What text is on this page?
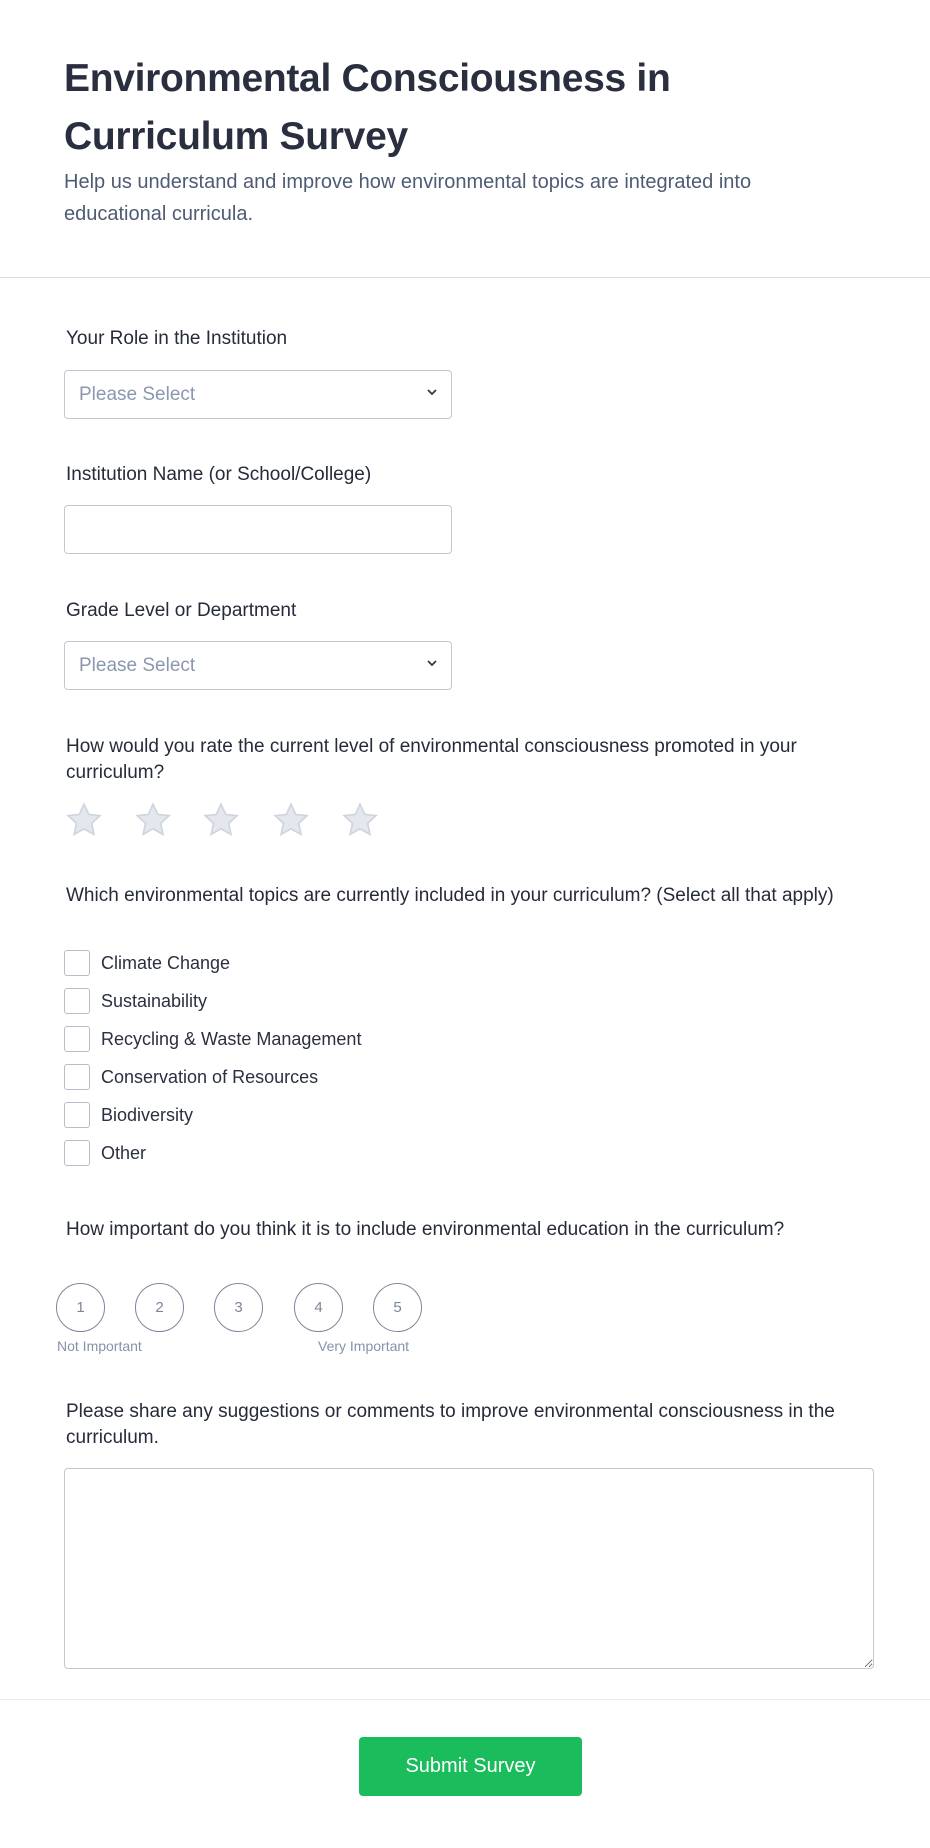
Environmental Consciousness in Curriculum Survey
Help us understand and improve how environmental topics are integrated into educational curricula.
Your Role in the Institution
Please Select
Institution Name (or School/College)
Grade Level or Department
Please Select
How would you rate the current level of environmental consciousness promoted in your curriculum?
Which environmental topics are currently included in your curriculum? (Select all that apply)
Climate Change
Sustainability
Recycling & Waste Management
Conservation of Resources
Biodiversity
Other
How important do you think it is to include environmental education in the curriculum?
1	2	3	4	5
Not Important	Very Important
Please share any suggestions or comments to improve environmental consciousness in the curriculum.
Submit Survey
